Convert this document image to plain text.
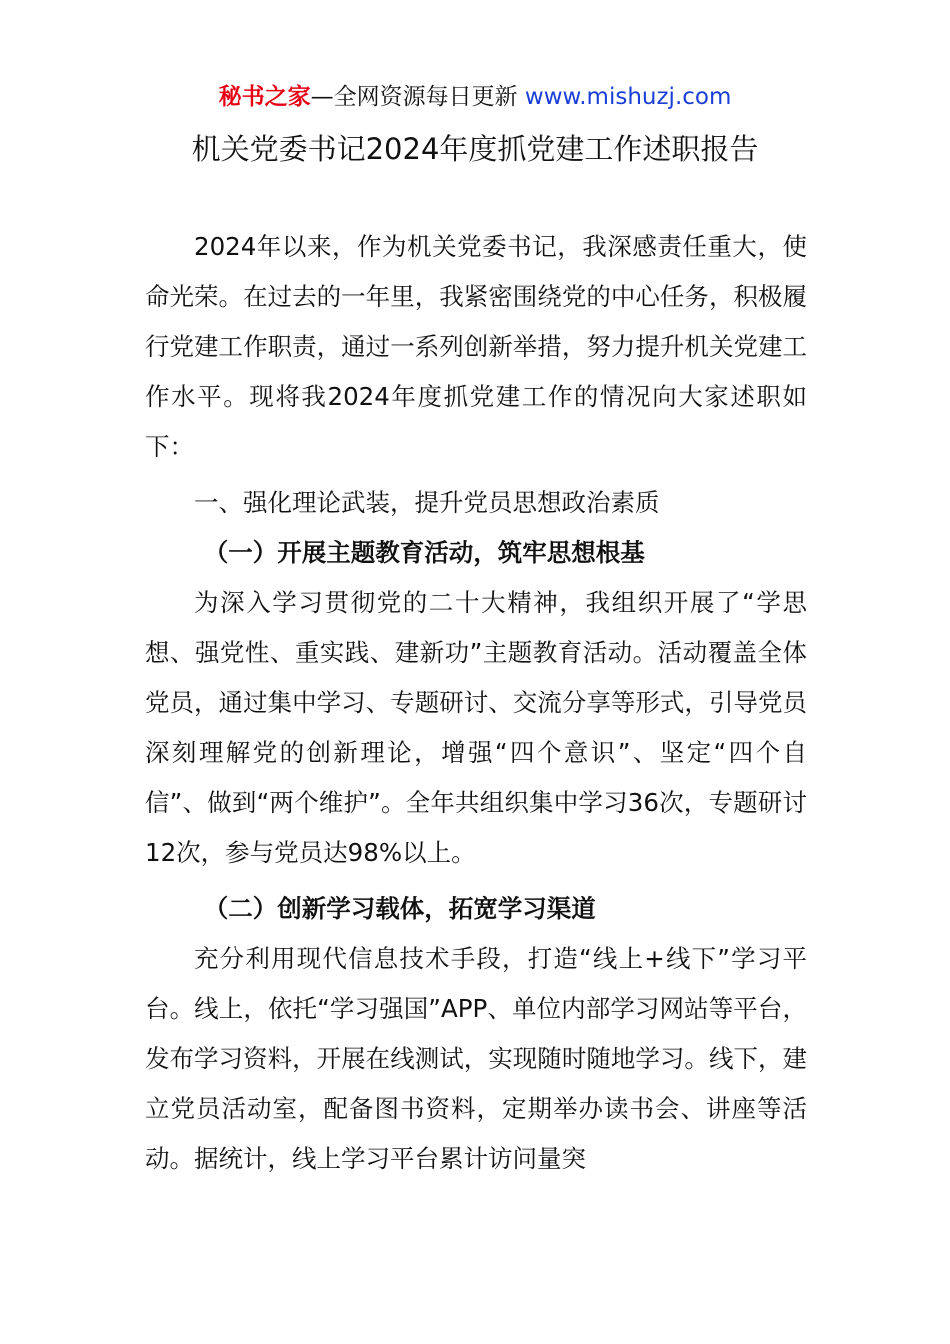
秘书之家—全网资源每日更新 www.mishuzj.com
机关党委书记2024年度抓党建工作述职报告

2024年以来，作为机关党委书记，我深感责任重大，使命光荣。在过去的一年里，我紧密围绕党的中心任务，积极履行党建工作职责，通过一系列创新举措，努力提升机关党建工作水平。现将我2024年度抓党建工作的情况向大家述职如下：

一、强化理论武装，提升党员思想政治素质

（一）开展主题教育活动，筑牢思想根基

为深入学习贯彻党的二十大精神，我组织开展了“学思想、强党性、重实践、建新功”主题教育活动。活动覆盖全体党员，通过集中学习、专题研讨、交流分享等形式，引导党员深刻理解党的创新理论，增强“四个意识”、坚定“四个自信”、做到“两个维护”。全年共组织集中学习36次，专题研讨12次，参与党员达98%以上。

（二）创新学习载体，拓宽学习渠道

充分利用现代信息技术手段，打造“线上+线下”学习平台。线上，依托“学习强国”APP、单位内部学习网站等平台，发布学习资料，开展在线测试，实现随时随地学习。线下，建立党员活动室，配备图书资料，定期举办读书会、讲座等活动。据统计，线上学习平台累计访问量突
